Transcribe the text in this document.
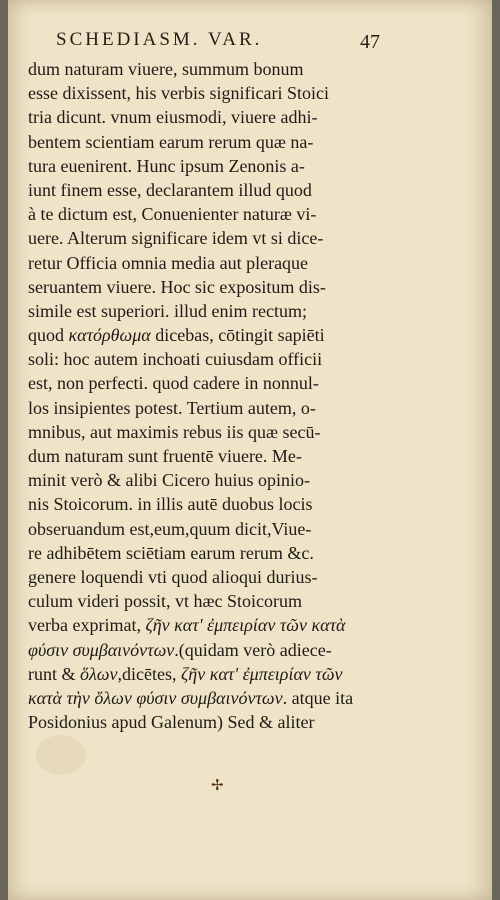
SCHEDIASM. VAR.	47
dum naturam viuere, summum bonum
esse dixissent, his verbis significari Stoici
tria dicunt. vnum eiusmodi, viuere adhi-
bentem scientiam earum rerum quæ na-
tura euenirent. Hunc ipsum Zenonis a-
iunt finem esse, declarantem illud quod
à te dictum est, Conuenienter naturæ vi-
uere. Alterum significare idem vt si dice-
retur Officia omnia media aut pleraque
seruantem viuere. Hoc sic expositum dis-
simile est superiori. illud enim rectum;
quod κατόρθωμα dicebas, cōtingit sapiēti
soli: hoc autem inchoati cuiusdam officii
est, non perfecti. quod cadere in nonnul-
los insipientes potest. Tertium autem, o-
mnibus, aut maximis rebus iis quæ secū-
dum naturam sunt fruentē viuere. Me-
minit verò & alibi Cicero huius opinio-
nis Stoicorum. in illis autē duobus locis
obseruandum est,eum,quum dicit,Viue-
re adhibētem sciētiam earum rerum &c.
genere loquendi vti quod alioqui durius-
culum videri possit, vt hæc Stoicorum
verba exprimat, ζῆν κατ' ἐμπειρίαν τῶν κατὰ
φύσιν συμβαινόντων.(quidam verò adiece-
runt & ὅλων,dicētes, ζῆν κατ' ἐμπειρίαν τῶν
κατὰ τὴν ὅλων φύσιν συμβαινόντων. atque ita
Posidonius apud Galenum) Sed & aliter
✢
